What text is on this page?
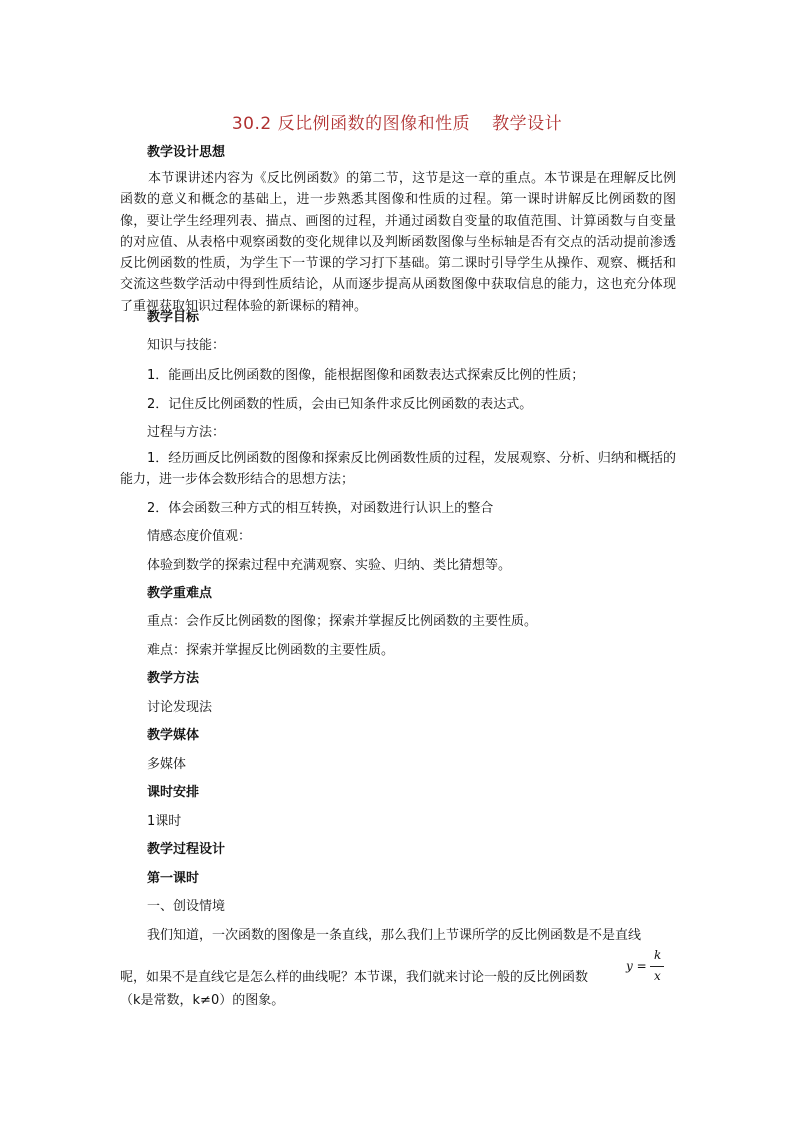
30.2 反比例函数的图像和性质 教学设计
教学设计思想
本节课讲述内容为《反比例函数》的第二节，这节是这一章的重点。本节课是在理解反比例函数的意义和概念的基础上，进一步熟悉其图像和性质的过程。第一课时讲解反比例函数的图像，要让学生经理列表、描点、画图的过程，并通过函数自变量的取值范围、计算函数与自变量的对应值、从表格中观察函数的变化规律以及判断函数图像与坐标轴是否有交点的活动提前渗透反比例函数的性质，为学生下一节课的学习打下基础。第二课时引导学生从操作、观察、概括和交流这些数学活动中得到性质结论，从而逐步提高从函数图像中获取信息的能力，这也充分体现了重视获取知识过程体验的新课标的精神。
教学目标
知识与技能：
1．能画出反比例函数的图像，能根据图像和函数表达式探索反比例的性质；
2．记住反比例函数的性质，会由已知条件求反比例函数的表达式。
过程与方法：
1．经历画反比例函数的图像和探索反比例函数性质的过程，发展观察、分析、归纳和概括的能力，进一步体会数形结合的思想方法；
2．体会函数三种方式的相互转换，对函数进行认识上的整合
情感态度价值观：
体验到数学的探索过程中充满观察、实验、归纳、类比猜想等。
教学重难点
重点：会作反比例函数的图像；探索并掌握反比例函数的主要性质。
难点：探索并掌握反比例函数的主要性质。
教学方法
讨论发现法
教学媒体
多媒体
课时安排
1课时
教学过程设计
第一课时
一、创设情境
我们知道，一次函数的图像是一条直线，那么我们上节课所学的反比例函数是不是直线
呢，如果不是直线它是怎么样的曲线呢？本节课，我们就来讨论一般的反比例函数
（k是常数，k≠0）的图象。
y =
k
x
